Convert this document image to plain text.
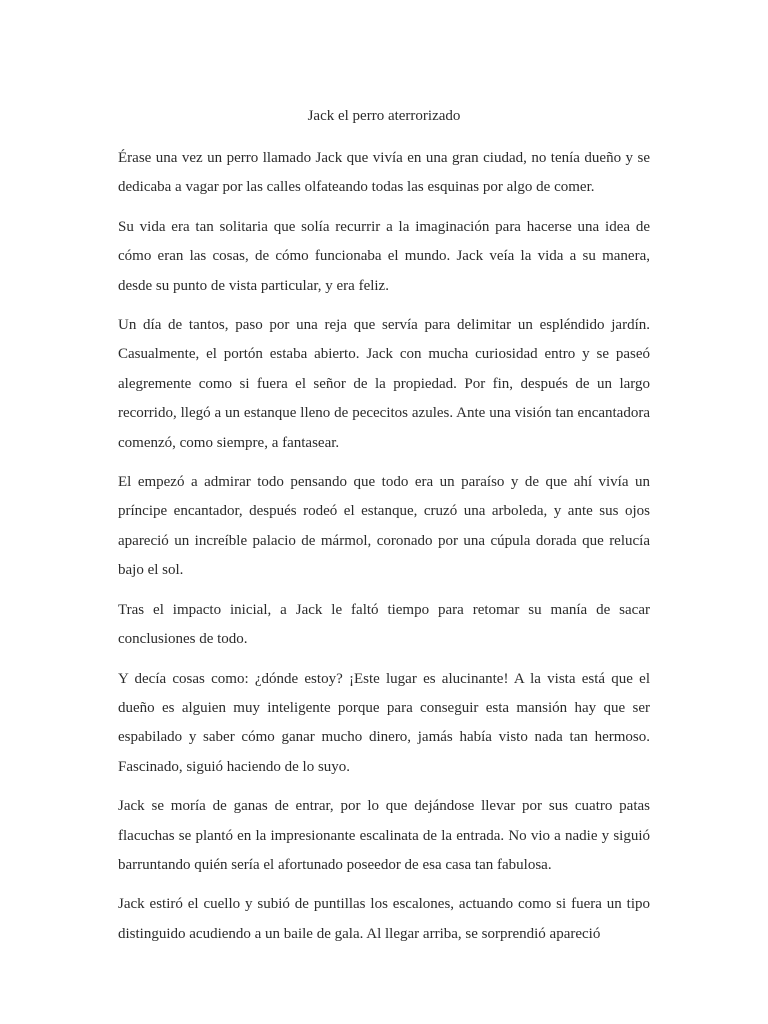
Jack el perro aterrorizado

Érase una vez un perro llamado Jack que vivía en una gran ciudad, no tenía dueño y se dedicaba a vagar por las calles olfateando todas las esquinas por algo de comer.

Su vida era tan solitaria que solía recurrir a la imaginación para hacerse una idea de cómo eran las cosas, de cómo funcionaba el mundo. Jack veía la vida a su manera, desde su punto de vista particular, y era feliz.

Un día de tantos, paso por una reja que servía para delimitar un espléndido jardín. Casualmente, el portón estaba abierto. Jack con mucha curiosidad entro y se paseó alegremente como si fuera el señor de la propiedad. Por fin, después de un largo recorrido, llegó a un estanque lleno de pececitos azules. Ante una visión tan encantadora comenzó, como siempre, a fantasear.

El empezó a admirar todo pensando que todo era un paraíso y de que ahí vivía un príncipe encantador, después rodeó el estanque, cruzó una arboleda, y ante sus ojos apareció un increíble palacio de mármol, coronado por una cúpula dorada que relucía bajo el sol.

Tras el impacto inicial, a Jack le faltó tiempo para retomar su manía de sacar conclusiones de todo.

Y decía cosas como: ¿dónde estoy? ¡Este lugar es alucinante! A la vista está que el dueño es alguien muy inteligente porque para conseguir esta mansión hay que ser espabilado y saber cómo ganar mucho dinero, jamás había visto nada tan hermoso. Fascinado, siguió haciendo de lo suyo.

Jack se moría de ganas de entrar, por lo que dejándose llevar por sus cuatro patas flacuchas se plantó en la impresionante escalinata de la entrada. No vio a nadie y siguió barruntando quién sería el afortunado poseedor de esa casa tan fabulosa.

Jack estiró el cuello y subió de puntillas los escalones, actuando como si fuera un tipo distinguido acudiendo a un baile de gala. Al llegar arriba, se sorprendió apareció
